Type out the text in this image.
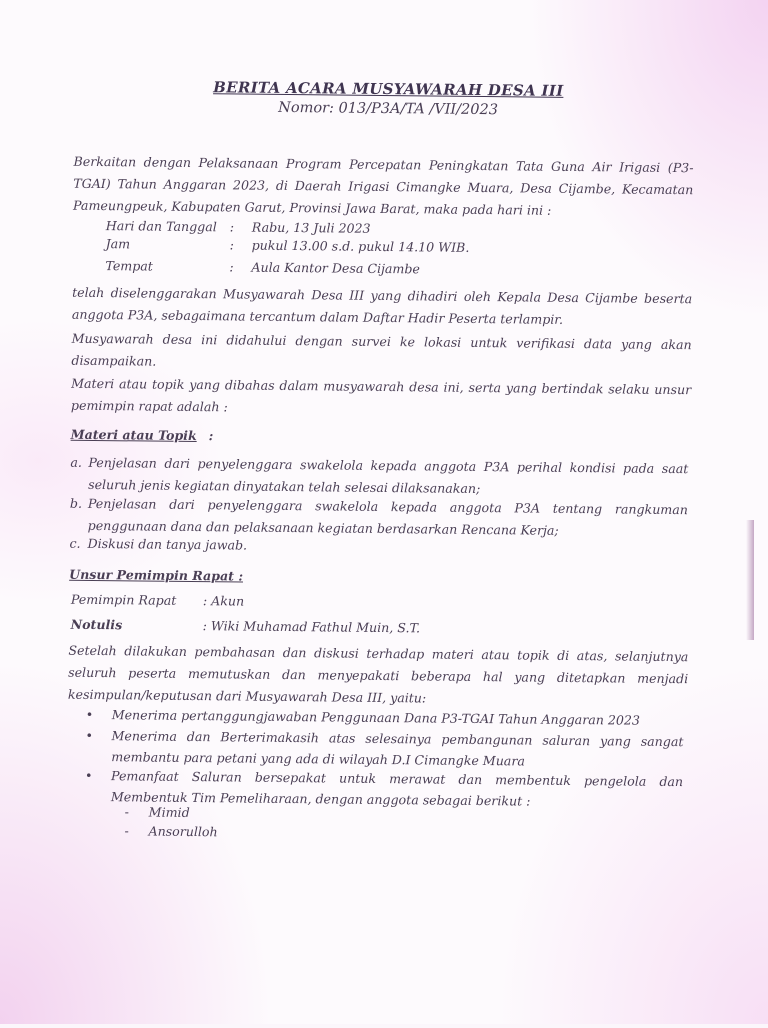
BERITA ACARA MUSYAWARAH DESA III
Nomor: 013/P3A/TA /VII/2023
Berkaitan dengan Pelaksanaan Program Percepatan Peningkatan Tata Guna Air Irigasi (P3-TGAI) Tahun Anggaran 2023, di Daerah Irigasi Cimangke Muara, Desa Cijambe, Kecamatan Pameungpeuk, Kabupaten Garut, Provinsi Jawa Barat, maka pada hari ini :
Hari dan Tanggal : Rabu, 13 Juli 2023
Jam	: pukul 13.00 s.d. pukul 14.10 WIB.
Tempat	: Aula Kantor Desa Cijambe
telah diselenggarakan Musyawarah Desa III yang dihadiri oleh Kepala Desa Cijambe beserta anggota P3A, sebagaimana tercantum dalam Daftar Hadir Peserta terlampir.
Musyawarah desa ini didahului dengan survei ke lokasi untuk verifikasi data yang akan disampaikan.
Materi atau topik yang dibahas dalam musyawarah desa ini, serta yang bertindak selaku unsur pemimpin rapat adalah :
Materi atau Topik :
a. Penjelasan dari penyelenggara swakelola kepada anggota P3A perihal kondisi pada saat seluruh jenis kegiatan dinyatakan telah selesai dilaksanakan;
b. Penjelasan dari penyelenggara swakelola kepada anggota P3A tentang rangkuman penggunaan dana dan pelaksanaan kegiatan berdasarkan Rencana Kerja;
c. Diskusi dan tanya jawab.
Unsur Pemimpin Rapat :
Pemimpin Rapat : Akun
Notulis	: Wiki Muhamad Fathul Muin, S.T.
Setelah dilakukan pembahasan dan diskusi terhadap materi atau topik di atas, selanjutnya seluruh peserta memutuskan dan menyepakati beberapa hal yang ditetapkan menjadi kesimpulan/keputusan dari Musyawarah Desa III, yaitu:
• Menerima pertanggungjawaban Penggunaan Dana P3-TGAI Tahun Anggaran 2023
• Menerima dan Berterimakasih atas selesainya pembangunan saluran yang sangat membantu para petani yang ada di wilayah D.I Cimangke Muara
• Pemanfaat Saluran bersepakat untuk merawat dan membentuk pengelola dan Membentuk Tim Pemeliharaan, dengan anggota sebagai berikut :
- Mimid
- Ansorulloh
